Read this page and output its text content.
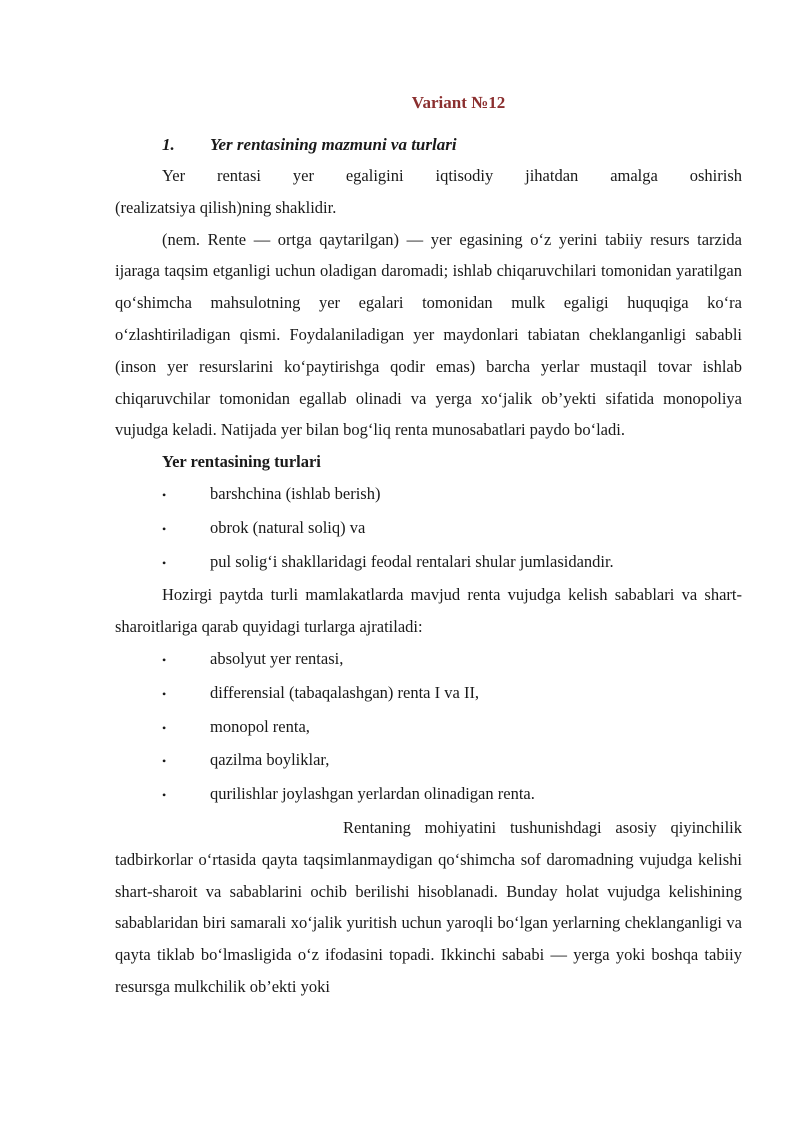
Variant №12
1. Yer rentasining mazmuni va turlari

Yer rentasi yer egaligini iqtisodiy jihatdan amalga oshirish

(realizatsiya qilish)ning shaklidir.

(nem. Rente — ortga qaytarilgan) — yer egasining o‘z yerini tabiiy resurs tarzida ijaraga taqsim etganligi uchun oladigan daromadi; ishlab chiqaruvchilari tomonidan yaratilgan qo‘shimcha mahsulotning yer egalari tomonidan mulk egaligi huquqiga ko‘ra o‘zlashtiriladigan qismi. Foydalaniladigan yer maydonlari tabiatan cheklanganligi sababli (inson yer resurslarini ko‘paytirishga qodir emas) barcha yerlar mustaqil tovar ishlab chiqaruvchilar tomonidan egallab olinadi va yerga xo‘jalik ob’yekti sifatida monopoliya vujudga keladi. Natijada yer bilan bog‘liq renta munosabatlari paydo bo‘ladi.

Yer rentasining turlari
•	barshchina (ishlab berish)
•	obrok (natural soliq) va
•	pul solig‘i shakllaridagi feodal rentalari shular jumlasidandir.

Hozirgi paytda turli mamlakatlarda mavjud renta vujudga kelish sabablari va shart-sharoitlariga qarab quyidagi turlarga ajratiladi:

•	absolyut yer rentasi,
•	differensial (tabaqalashgan) renta I va II,
•	monopol renta,
•	qazilma boyliklar,
•	qurilishlar joylashgan yerlardan olinadigan renta.

Rentaning mohiyatini tushunishdagi asosiy qiyinchilik tadbirkorlar o‘rtasida qayta taqsimlanmaydigan qo‘shimcha sof daromadning vujudga kelishi shart-sharoit va sabablarini ochib berilishi hisoblanadi. Bunday holat vujudga kelishining sabablaridan biri samarali xo‘jalik yuritish uchun yaroqli bo‘lgan yerlarning cheklanganligi va qayta tiklab bo‘lmasligida o‘z ifodasini topadi. Ikkinchi sababi — yerga yoki boshqa tabiiy resursga mulkchilik ob’ekti yoki
